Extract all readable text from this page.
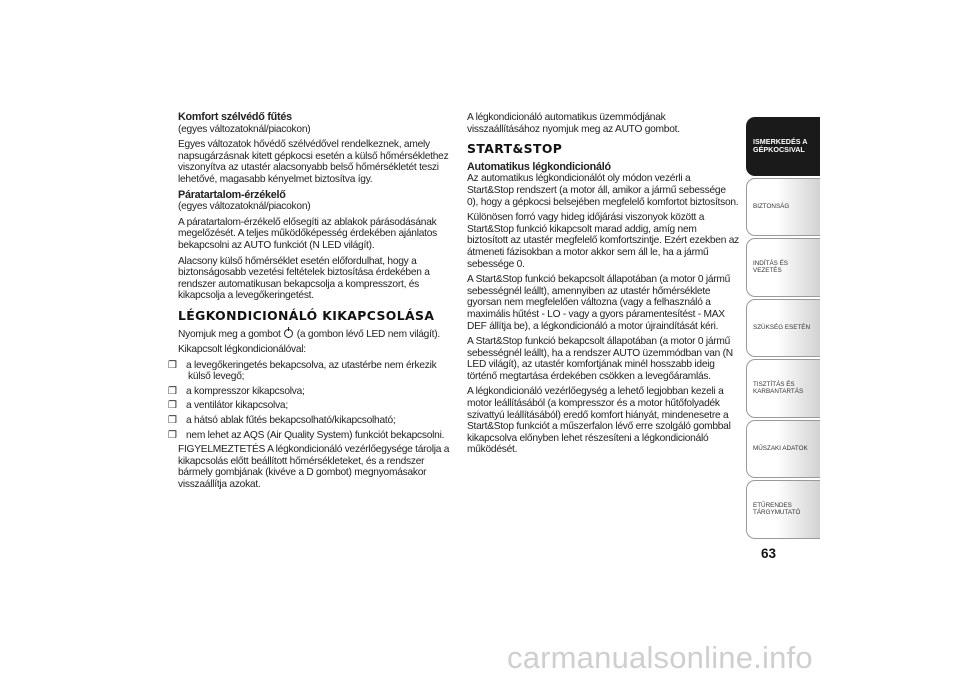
Komfort szélvédő fűtés
(egyes változatoknál/piacokon)

Egyes változatok hővédő szélvédővel rendelkeznek, amely napsugárzásnak kitett gépkocsi esetén a külső hőmérséklethez viszonyítva az utastér alacsonyabb belső hőmérsékletét teszi lehetővé, magasabb kényelmet biztosítva így.

Páratartalom-érzékelő
(egyes változatoknál/piacokon)

A páratartalom-érzékelő elősegíti az ablakok párásodásának megelőzését. A teljes működőképesség érdekében ajánlatos bekapcsolni az AUTO funkciót (N LED világít).

Alacsony külső hőmérséklet esetén előfordulhat, hogy a biztonságosabb vezetési feltételek biztosítása érdekében a rendszer automatikusan bekapcsolja a kompresszort, és kikapcsolja a levegőkeringetést.

LÉGKONDICIONÁLÓ KIKAPCSOLÁSA

Nyomjuk meg a gombot (a gombon lévő LED nem világít).

Kikapcsolt légkondicionálóval:

❒ a levegőkeringetés bekapcsolva, az utastérbe nem érkezik külső levegő;
❒ a kompresszor kikapcsolva;
❒ a ventilátor kikapcsolva;
❒ a hátsó ablak fűtés bekapcsolható/kikapcsolható;
❒ nem lehet az AQS (Air Quality System) funkciót bekapcsolni.

FIGYELMEZTETÉS A légkondicionáló vezérlőegysége tárolja a kikapcsolás előtt beállított hőmérsékleteket, és a rendszer bármely gombjának (kivéve a D gombot) megnyomásakor visszaállítja azokat.

A légkondicionáló automatikus üzemmódjának visszaállításához nyomjuk meg az AUTO gombot.

START&STOP
Automatikus légkondicionáló

Az automatikus légkondicionálót oly módon vezérli a Start&Stop rendszert (a motor áll, amikor a jármű sebessége 0), hogy a gépkocsi belsejében megfelelő komfortot biztosítson.

Különösen forró vagy hideg időjárási viszonyok között a Start&Stop funkció kikapcsolt marad addig, amíg nem biztosított az utastér megfelelő komfortszintje. Ezért ezekben az átmeneti fázisokban a motor akkor sem áll le, ha a jármű sebessége 0.

A Start&Stop funkció bekapcsolt állapotában (a motor 0 jármű sebességnél leállt), amennyiben az utastér hőmérséklete gyorsan nem megfelelően változna (vagy a felhasználó a maximális hűtést - LO - vagy a gyors páramentesítést - MAX DEF állítja be), a légkondicionáló a motor újraindítását kéri.

A Start&Stop funkció bekapcsolt állapotában (a motor 0 jármű sebességnél leállt), ha a rendszer AUTO üzemmódban van (N LED világít), az utastér komfortjának minél hosszabb ideig történő megtartása érdekében csökken a levegőáramlás.

A légkondicionáló vezérlőegység a lehető legjobban kezeli a motor leállításából (a kompresszor és a motor hűtőfolyadék szivattyú leállításából) eredő komfort hiányát, mindenesetre a Start&Stop funkciót a műszerfalon lévő erre szolgáló gombbal kikapcsolva előnyben lehet részesíteni a légkondicionáló működését.

ISMERKEDÉS A GÉPKOCSIVAL
BIZTONSÁG
INDÍTÁS ÉS VEZETÉS
SZÜKSÉG ESETÉN
TISZTÍTÁS ÉS KARBANTARTÁS
MŰSZAKI ADATOK
ETŰRENDES TÁRGYMUTATÓ
63
carmanualsonline.info
